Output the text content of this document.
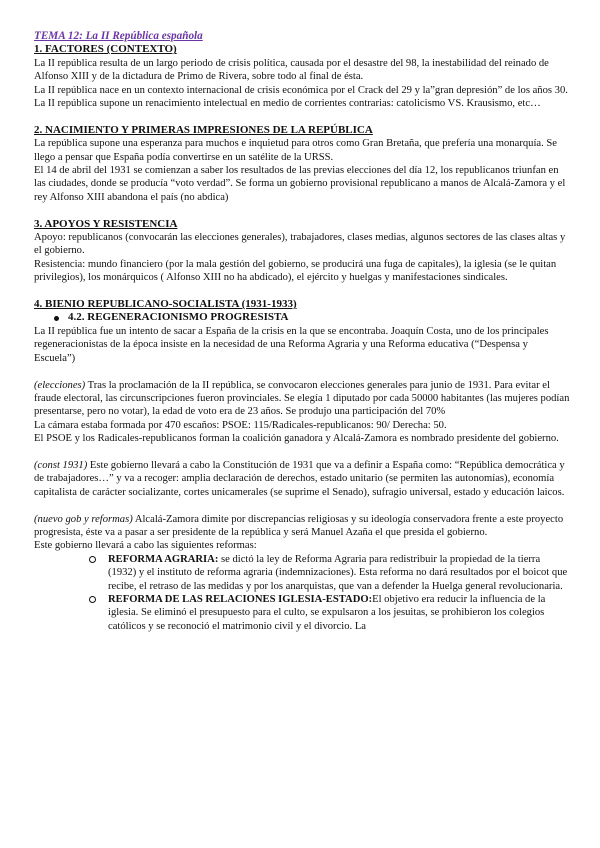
TEMA 12: La II República española
1. FACTORES (CONTEXTO)

La II república resulta de un largo periodo de crisis política, causada por el desastre del 98, la inestabilidad del reinado de Alfonso XIII y de la dictadura de Primo de Rivera, sobre todo al final de ésta.

La II república nace en un contexto internacional de crisis económica por el Crack del 29 y la”gran depresión” de los años 30.

La II república supone un renacimiento intelectual en medio de corrientes contrarias: catolicismo VS. Krausismo, etc…

2. NACIMIENTO Y PRIMERAS IMPRESIONES DE LA REPÚBLICA

La república supone una esperanza para muchos e inquietud para otros como Gran Bretaña, que prefería una monarquía. Se llego a pensar que España podía convertirse en un satélite de la URSS.

El 14 de abril del 1931 se comienzan a saber los resultados de las previas elecciones del día 12, los republicanos triunfan en las ciudades, donde se producía “voto verdad”. Se forma un gobierno provisional republicano a manos de Alcalá-Zamora y el rey Alfonso XIII abandona el país (no abdica)

3. APOYOS Y RESISTENCIA

Apoyo: republicanos (convocarán las elecciones generales), trabajadores, clases medias, algunos sectores de las clases altas y el gobierno.

Resistencia: mundo financiero (por la mala gestión del gobierno, se producirá una fuga de capitales), la iglesia (se le quitan privilegios), los monárquicos ( Alfonso XIII no ha abdicado), el ejército y huelgas y manifestaciones sindicales.

4. BIENIO REPUBLICANO-SOCIALISTA (1931-1933)
4.2. REGENERACIONISMO PROGRESISTA

La II república fue un intento de sacar a España de la crisis en la que se encontraba. Joaquín Costa, uno de los principales regeneracionistas de la época insiste en la necesidad de una Reforma Agraria y una Reforma educativa (“Despensa y Escuela”)

(elecciones) Tras la proclamación de la II república, se convocaron elecciones generales para junio de 1931. Para evitar el fraude electoral, las circunscripciones fueron provinciales. Se elegía 1 diputado por cada 50000 habitantes (las mujeres podían presentarse, pero no votar), la edad de voto era de 23 años. Se produjo una participación del 70%

La cámara estaba formada por 470 escaños: PSOE: 115/Radicales-republicanos: 90/ Derecha: 50.

El PSOE y los Radicales-republicanos forman la coalición ganadora y Alcalá-Zamora es nombrado presidente del gobierno.

(const 1931) Este gobierno llevará a cabo la Constitución de 1931 que va a definir a España como: “República democrática y de trabajadores…” y va a recoger: amplia declaración de derechos, estado unitario (se permiten las autonomías), economía capitalista de carácter socializante, cortes unicamerales (se suprime el Senado), sufragio universal, estado y educación laicos.

(nuevo gob y reformas) Alcalá-Zamora dimite por discrepancias religiosas y su ideología conservadora frente a este proyecto progresista, éste va a pasar a ser presidente de la república y será Manuel Azaña el que presida el gobierno.

Este gobierno llevará a cabo las siguientes reformas:

REFORMA AGRARIA: se dictó la ley de Reforma Agraria para redistribuir la propiedad de la tierra (1932) y el instituto de reforma agraria (indemnizaciones). Esta reforma no dará resultados por el boicot que recibe, el retraso de las medidas y por los anarquistas, que van a defender la Huelga general revolucionaria.
REFORMA DE LAS RELACIONES IGLESIA-ESTADO:El objetivo era reducir la influencia de la iglesia. Se eliminó el presupuesto para el culto, se expulsaron a los jesuitas, se prohibieron los colegios católicos y se reconoció el matrimonio civil y el divorcio. La
